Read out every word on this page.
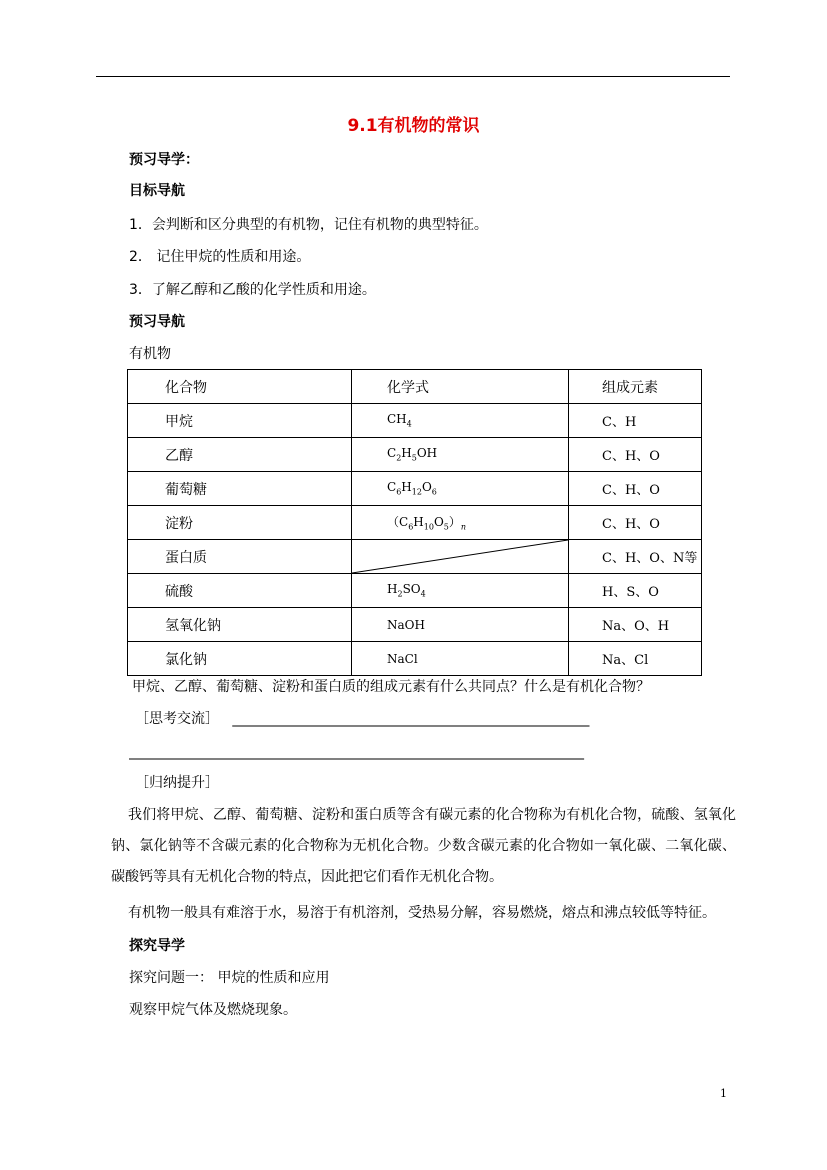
9.1有机物的常识
预习导学：
目标导航
1．会判断和区分典型的有机物，记住有机物的典型特征。
2． 记住甲烷的性质和用途。
3．了解乙醇和乙酸的化学性质和用途。
预习导航
有机物
化合物	化学式	组成元素
甲烷	$CH_4$	C、H
乙醇	$C_2H_5OH$	C、H、O
葡萄糖	$C_6H_{12}O_6$	C、H、O
淀粉	$(C_6H_{10}O_5)_n$	C、H、O
蛋白质		C、H、O、N等
硫酸	$H_2SO_4$	H、S、O
氢氧化钠	NaOH	Na、O、H
氯化钠	NaCl	Na、Cl
甲烷、乙醇、葡萄糖、淀粉和蛋白质的组成元素有什么共同点？什么是有机化合物？
［思考交流］ ___________________________________________________
_________________________________________________________________
［归纳提升］
我们将甲烷、乙醇、葡萄糖、淀粉和蛋白质等含有碳元素的化合物称为有机化合物，硫酸、氢氧化钠、氯化钠等不含碳元素的化合物称为无机化合物。少数含碳元素的化合物如一氧化碳、二氧化碳、碳酸钙等具有无机化合物的特点，因此把它们看作无机化合物。
有机物一般具有难溶于水，易溶于有机溶剂，受热易分解，容易燃烧，熔点和沸点较低等特征。
探究导学
探究问题一： 甲烷的性质和应用
观察甲烷气体及燃烧现象。
1
